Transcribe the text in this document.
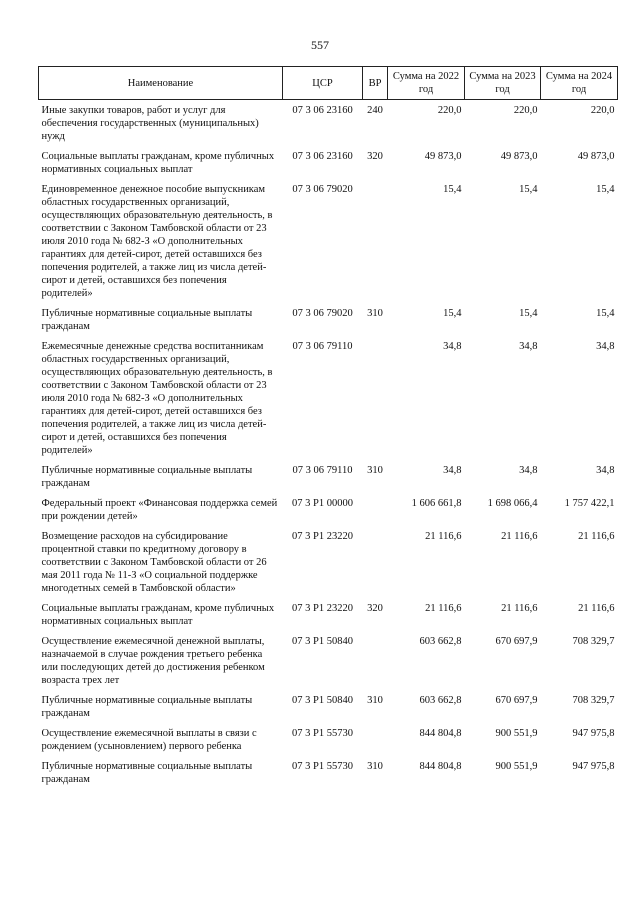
557
Наименование	ЦСР	ВР	Сумма на 2022 год	Сумма на 2023 год	Сумма на 2024 год
Иные закупки товаров, работ и услуг для обеспечения государственных (муниципальных) нужд	07 3 06 23160	240	220,0	220,0	220,0
Социальные выплаты гражданам, кроме публичных нормативных социальных выплат	07 3 06 23160	320	49 873,0	49 873,0	49 873,0
Единовременное денежное пособие выпускникам областных государственных организаций, осуществляющих образовательную деятельность, в соответствии с Законом Тамбовской области от 23 июля 2010 года № 682-З «О дополнительных гарантиях для детей-сирот, детей оставшихся без попечения родителей, а также лиц из числа детей-сирот и детей, оставшихся без попечения родителей»	07 3 06 79020		15,4	15,4	15,4
Публичные нормативные социальные выплаты гражданам	07 3 06 79020	310	15,4	15,4	15,4
Ежемесячные денежные средства воспитанникам областных государственных организаций, осуществляющих образовательную деятельность, в соответствии с Законом Тамбовской области от 23 июля 2010 года № 682-З «О дополнительных гарантиях для детей-сирот, детей оставшихся без попечения родителей, а также лиц из числа детей-сирот и детей, оставшихся без попечения родителей»	07 3 06 79110		34,8	34,8	34,8
Публичные нормативные социальные выплаты гражданам	07 3 06 79110	310	34,8	34,8	34,8
Федеральный проект «Финансовая поддержка семей при рождении детей»	07 3 P1 00000		1 606 661,8	1 698 066,4	1 757 422,1
Возмещение расходов на субсидирование процентной ставки по кредитному договору в соответствии с Законом Тамбовской области от 26 мая 2011 года № 11-З «О социальной поддержке многодетных семей в Тамбовской области»	07 3 P1 23220		21 116,6	21 116,6	21 116,6
Социальные выплаты гражданам, кроме публичных нормативных социальных выплат	07 3 P1 23220	320	21 116,6	21 116,6	21 116,6
Осуществление ежемесячной денежной выплаты, назначаемой в случае рождения третьего ребенка или последующих детей до достижения ребенком возраста трех лет	07 3 P1 50840		603 662,8	670 697,9	708 329,7
Публичные нормативные социальные выплаты гражданам	07 3 P1 50840	310	603 662,8	670 697,9	708 329,7
Осуществление ежемесячной выплаты в связи с рождением (усыновлением) первого ребенка	07 3 P1 55730		844 804,8	900 551,9	947 975,8
Публичные нормативные социальные выплаты гражданам	07 3 P1 55730	310	844 804,8	900 551,9	947 975,8
